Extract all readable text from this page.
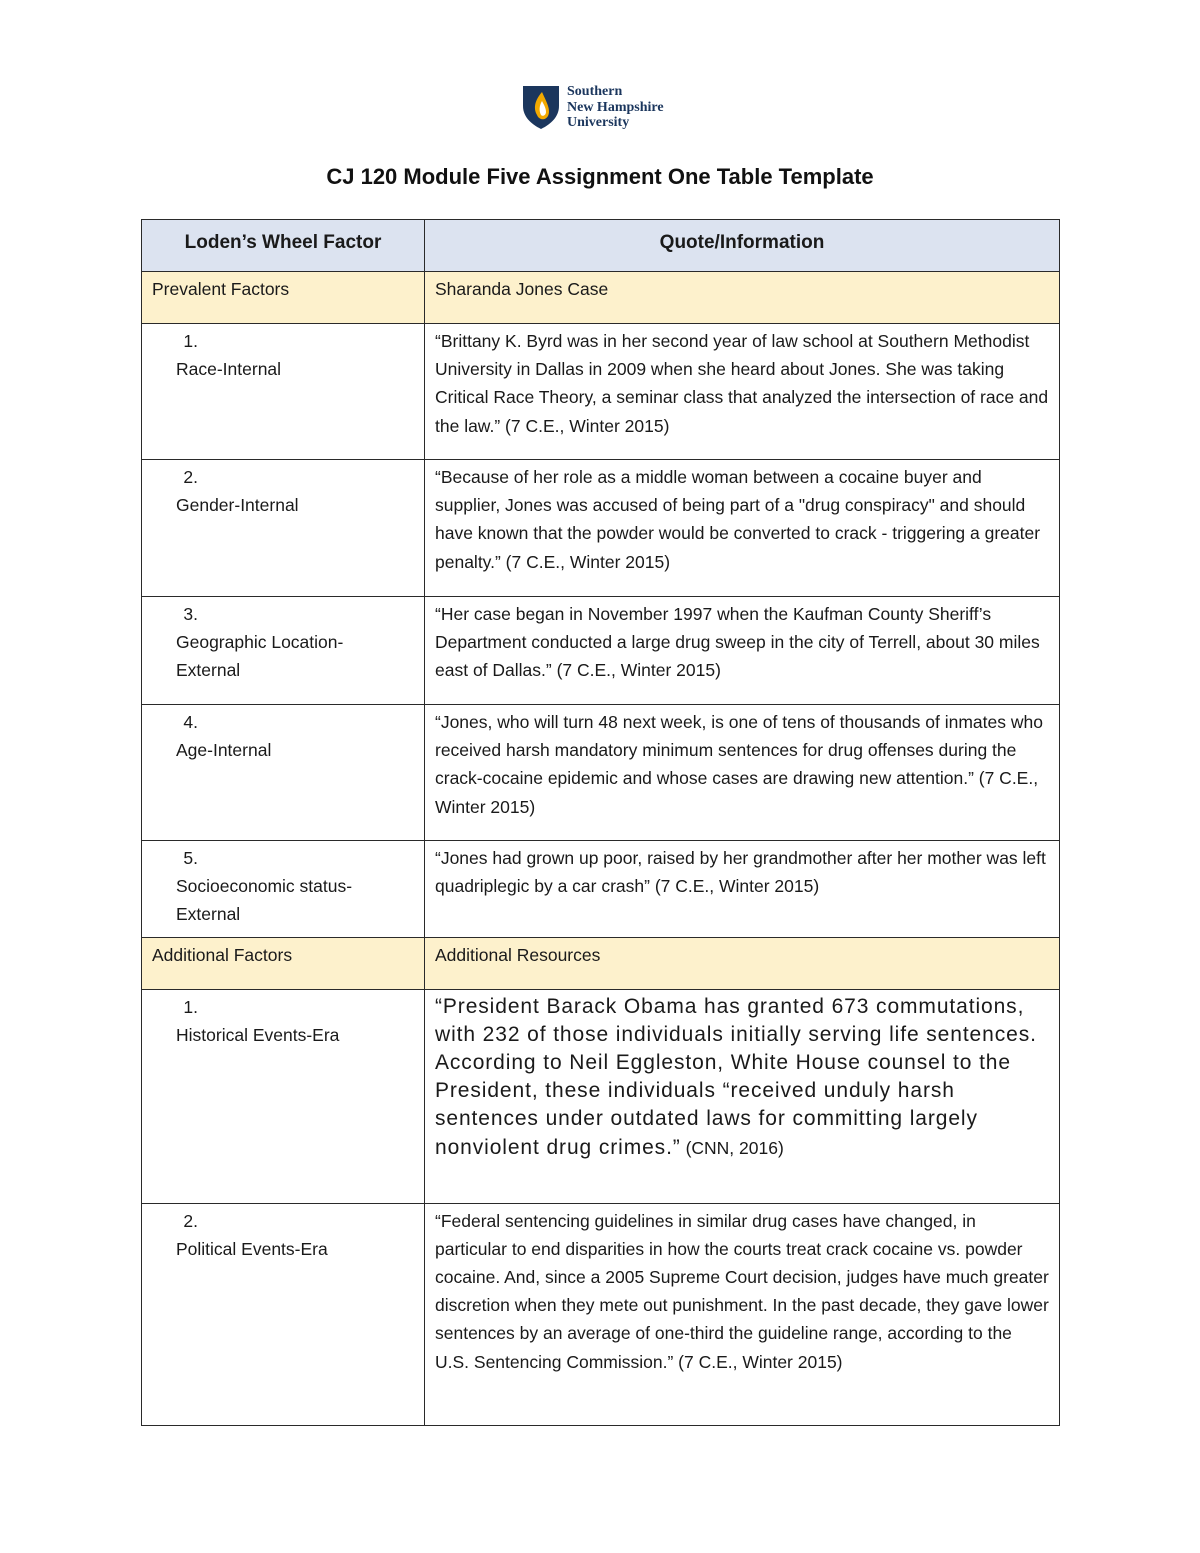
Southern
New Hampshire
University
CJ 120 Module Five Assignment One Table Template
Loden’s Wheel Factor	Quote/Information
Prevalent Factors	Sharanda Jones Case
1.Race-Internal	“Brittany K. Byrd was in her second year of law school at Southern Methodist University in Dallas in 2009 when she heard about Jones. She was taking Critical Race Theory, a seminar class that analyzed the intersection of race and the law.” (7 C.E., Winter 2015)
2.Gender-Internal	“Because of her role as a middle woman between a cocaine buyer and supplier, Jones was accused of being part of a "drug conspiracy" and should have known that the powder would be converted to crack - triggering a greater penalty.” (7 C.E., Winter 2015)
3.Geographic Location-External	“Her case began in November 1997 when the Kaufman County Sheriff’s Department conducted a large drug sweep in the city of Terrell, about 30 miles east of Dallas.” (7 C.E., Winter 2015)
4.Age-Internal	“Jones, who will turn 48 next week, is one of tens of thousands of inmates who received harsh mandatory minimum sentences for drug offenses during the crack-cocaine epidemic and whose cases are drawing new attention.” (7 C.E., Winter 2015)
5.Socioeconomic status-External	“Jones had grown up poor, raised by her grandmother after her mother was left quadriplegic by a car crash” (7 C.E., Winter 2015)
Additional Factors	Additional Resources
1.Historical Events-Era	“President Barack Obama has granted 673 commutations, with 232 of those individuals initially serving life sentences. According to Neil Eggleston, White House counsel to the President, these individuals “received unduly harsh sentences under outdated laws for committing largely nonviolent drug crimes.” (CNN, 2016)
2.Political Events-Era	“Federal sentencing guidelines in similar drug cases have changed, in particular to end disparities in how the courts treat crack cocaine vs. powder cocaine. And, since a 2005 Supreme Court decision, judges have much greater discretion when they mete out punishment. In the past decade, they gave lower sentences by an average of one-third the guideline range, according to the U.S. Sentencing Commission.” (7 C.E., Winter 2015)
